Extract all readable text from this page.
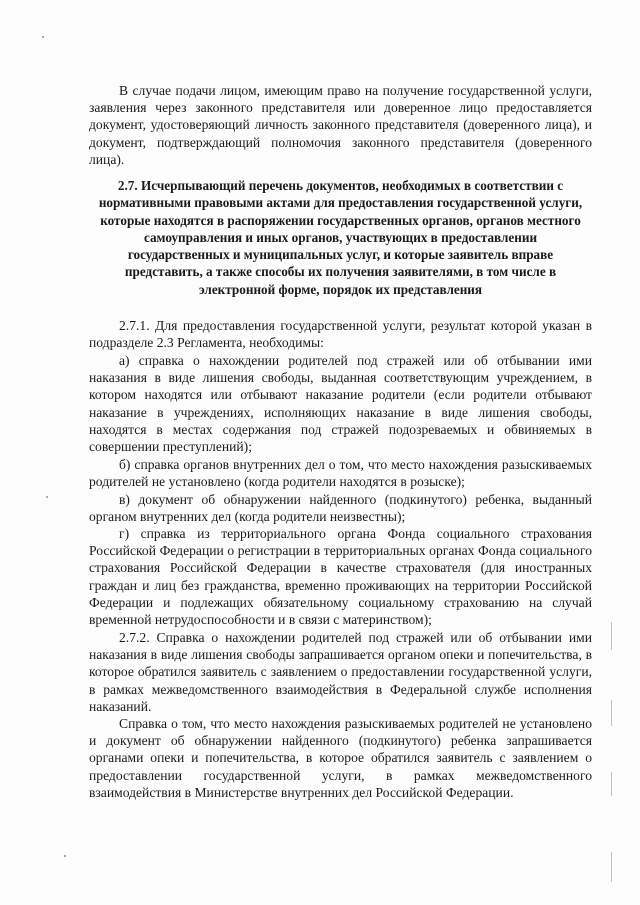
В случае подачи лицом, имеющим право на получение государственной услуги, заявления через законного представителя или доверенное лицо предоставляется документ, удостоверяющий личность законного представителя (доверенного лица), и документ, подтверждающий полномочия законного представителя (доверенного лица).

2.7. Исчерпывающий перечень документов, необходимых в соответствии с нормативными правовыми актами для предоставления государственной услуги, которые находятся в распоряжении государственных органов, органов местного самоуправления и иных органов, участвующих в предоставлении государственных и муниципальных услуг, и которые заявитель вправе представить, а также способы их получения заявителями, в том числе в электронной форме, порядок их представления

2.7.1. Для предоставления государственной услуги, результат которой указан в подразделе 2.3 Регламента, необходимы:

а) справка о нахождении родителей под стражей или об отбывании ими наказания в виде лишения свободы, выданная соответствующим учреждением, в котором находятся или отбывают наказание родители (если родители отбывают наказание в учреждениях, исполняющих наказание в виде лишения свободы, находятся в местах содержания под стражей подозреваемых и обвиняемых в совершении преступлений);

б) справка органов внутренних дел о том, что место нахождения разыскиваемых родителей не установлено (когда родители находятся в розыске);

в) документ об обнаружении найденного (подкинутого) ребенка, выданный органом внутренних дел (когда родители неизвестны);

г) справка из территориального органа Фонда социального страхования Российской Федерации о регистрации в территориальных органах Фонда социального страхования Российской Федерации в качестве страхователя (для иностранных граждан и лиц без гражданства, временно проживающих на территории Российской Федерации и подлежащих обязательному социальному страхованию на случай временной нетрудоспособности и в связи с материнством);

2.7.2. Справка о нахождении родителей под стражей или об отбывании ими наказания в виде лишения свободы запрашивается органом опеки и попечительства, в которое обратился заявитель с заявлением о предоставлении государственной услуги, в рамках межведомственного взаимодействия в Федеральной службе исполнения наказаний.

Справка о том, что место нахождения разыскиваемых родителей не установлено и документ об обнаружении найденного (подкинутого) ребенка запрашивается органами опеки и попечительства, в которое обратился заявитель с заявлением о предоставлении государственной услуги, в рамках межведомственного взаимодействия в Министерстве внутренних дел Российской Федерации.
